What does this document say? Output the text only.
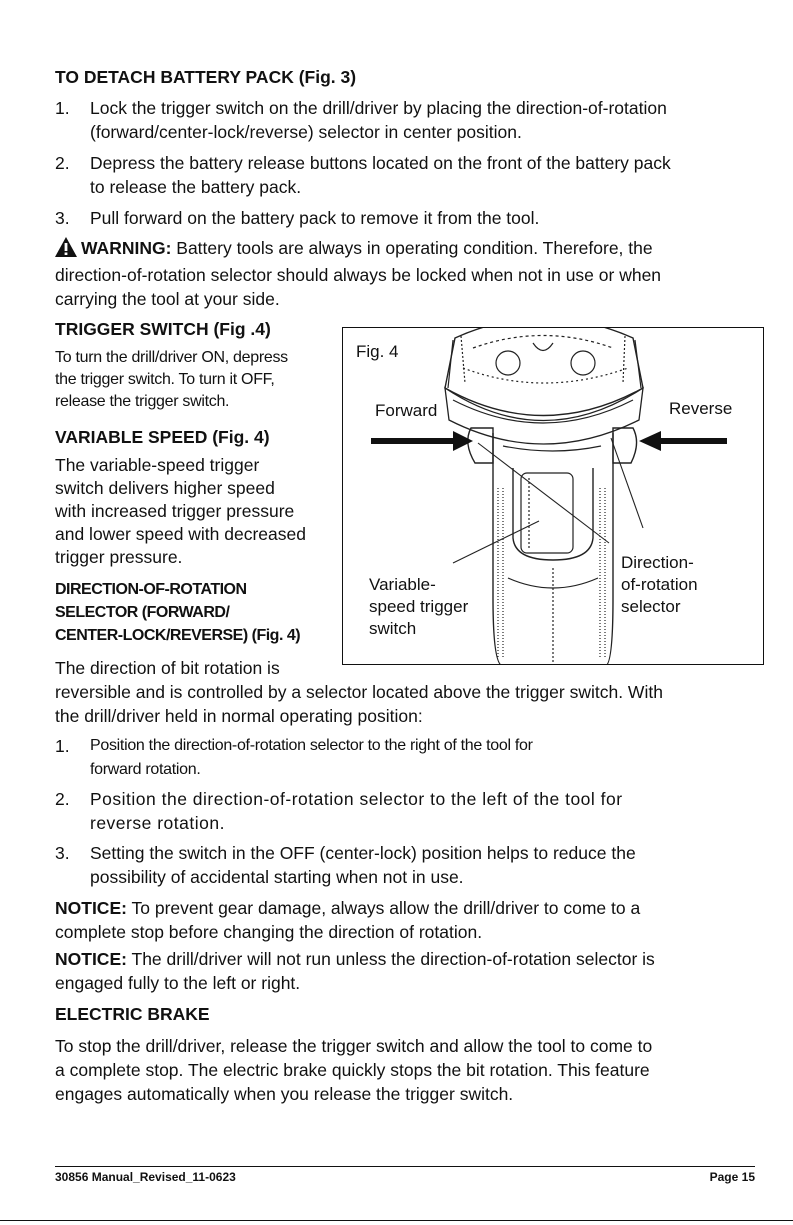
TO DETACH BATTERY PACK (Fig. 3)
1.	Lock the trigger switch on the drill/driver by placing the direction-of-rotation
(forward/center-lock/reverse) selector in center position.
2.	Depress the battery release buttons located on the front of the battery pack
to release the battery pack.
3.	Pull forward on the battery pack to remove it from the tool.
WARNING: Battery tools are always in operating condition. Therefore, the
direction-of-rotation selector should always be locked when not in use or when
carrying the tool at your side.
TRIGGER SWITCH (Fig .4)
To turn the drill/driver ON, depress
the trigger switch. To turn it OFF,
release the trigger switch.
VARIABLE SPEED (Fig. 4)
The variable-speed trigger
switch delivers higher speed
with increased trigger pressure
and lower speed with decreased
trigger pressure.
DIRECTION-OF-ROTATION
SELECTOR (FORWARD/
CENTER-LOCK/REVERSE) (Fig. 4)
The direction of bit rotation is
reversible and is controlled by a selector located above the trigger switch. With
the drill/driver held in normal operating position:
1.	Position the direction-of-rotation selector to the right of the tool for
forward rotation.
2.	Position the direction-of-rotation selector to the left of the tool for
reverse rotation.
3.	Setting the switch in the OFF (center-lock) position helps to reduce the
possibility of accidental starting when not in use.
NOTICE: To prevent gear damage, always allow the drill/driver to come to a
complete stop before changing the direction of rotation.
NOTICE: The drill/driver will not run unless the direction-of-rotation selector is
engaged fully to the left or right.
ELECTRIC BRAKE
To stop the drill/driver, release the trigger switch and allow the tool to come to
a complete stop. The electric brake quickly stops the bit rotation. This feature
engages automatically when you release the trigger switch.
Fig. 4
Forward	Reverse
Variable-
speed trigger
switch
Direction-
of-rotation
selector
30856 Manual_Revised_11-0623	Page 15
